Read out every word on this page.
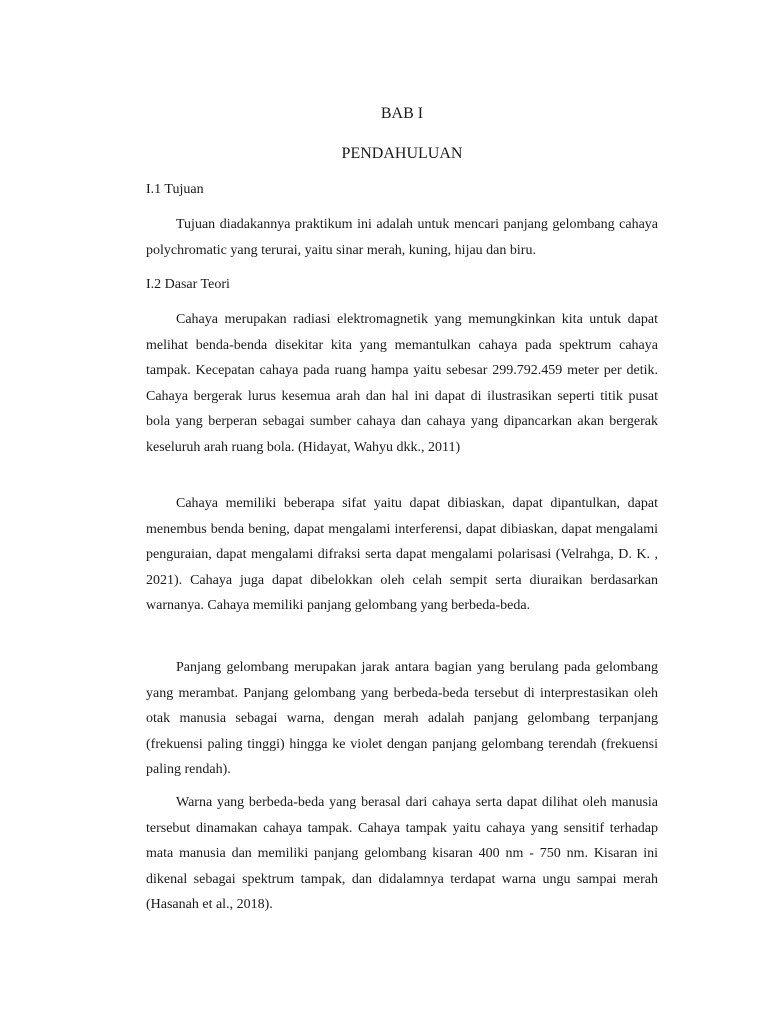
BAB I
PENDAHULUAN
I.1 Tujuan

Tujuan diadakannya praktikum ini adalah untuk mencari panjang gelombang cahaya polychromatic yang terurai, yaitu sinar merah, kuning, hijau dan biru.

I.2 Dasar Teori

Cahaya merupakan radiasi elektromagnetik yang memungkinkan kita untuk dapat melihat benda-benda disekitar kita yang memantulkan cahaya pada spektrum cahaya tampak. Kecepatan cahaya pada ruang hampa yaitu sebesar 299.792.459 meter per detik. Cahaya bergerak lurus kesemua arah dan hal ini dapat di ilustrasikan seperti titik pusat bola yang berperan sebagai sumber cahaya dan cahaya yang dipancarkan akan bergerak keseluruh arah ruang bola. (Hidayat, Wahyu dkk., 2011)

Cahaya memiliki beberapa sifat yaitu dapat dibiaskan, dapat dipantulkan, dapat menembus benda bening, dapat mengalami interferensi, dapat dibiaskan, dapat mengalami penguraian, dapat mengalami difraksi serta dapat mengalami polarisasi (Velrahga, D. K. , 2021). Cahaya juga dapat dibelokkan oleh celah sempit serta diuraikan berdasarkan warnanya. Cahaya memiliki panjang gelombang yang berbeda-beda.

Panjang gelombang merupakan jarak antara bagian yang berulang pada gelombang yang merambat. Panjang gelombang yang berbeda-beda tersebut di interprestasikan oleh otak manusia sebagai warna, dengan merah adalah panjang gelombang terpanjang (frekuensi paling tinggi) hingga ke violet dengan panjang gelombang terendah (frekuensi paling rendah).

Warna yang berbeda-beda yang berasal dari cahaya serta dapat dilihat oleh manusia tersebut dinamakan cahaya tampak. Cahaya tampak yaitu cahaya yang sensitif terhadap mata manusia dan memiliki panjang gelombang kisaran 400 nm - 750 nm. Kisaran ini dikenal sebagai spektrum tampak, dan didalamnya terdapat warna ungu sampai merah (Hasanah et al., 2018).
